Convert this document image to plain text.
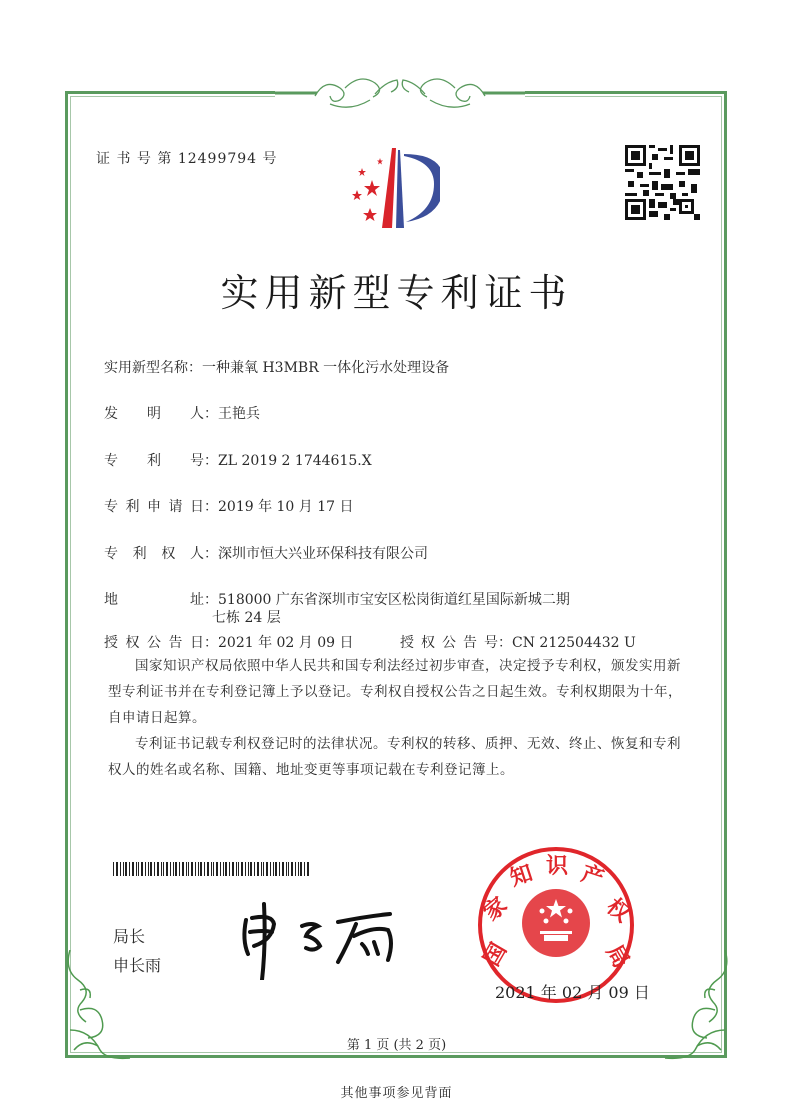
证 书 号 第 12499794 号
实用新型专利证书
实用新型名称：一种兼氧 H3MBR 一体化污水处理设备
发 明 人 ：王艳兵
专 利 号 ：ZL 2019 2 1744615.X
专 利 申 请 日 ：2019 年 10 月 17 日
专 利 权 人 ：深圳市恒大兴业环保科技有限公司
地	址 ：518000 广东省深圳市宝安区松岗街道红星国际新城二期
七栋 24 层
授 权 公 告 日 ：2021 年 02 月 09 日	授 权 公 告 号 ：CN 212504432 U

国家知识产权局依照中华人民共和国专利法经过初步审查，决定授予专利权，颁发实用新型专利证书并在专利登记簿上予以登记。专利权自授权公告之日起生效。专利权期限为十年，自申请日起算。

专利证书记载专利权登记时的法律状况。专利权的转移、质押、无效、终止、恢复和专利权人的姓名或名称、国籍、地址变更等事项记载在专利登记簿上。

局长
申长雨	国
家
知 识 产
权
局
2021 年 02 月 09 日
第 1 页 (共 2 页)
其他事项参见背面
